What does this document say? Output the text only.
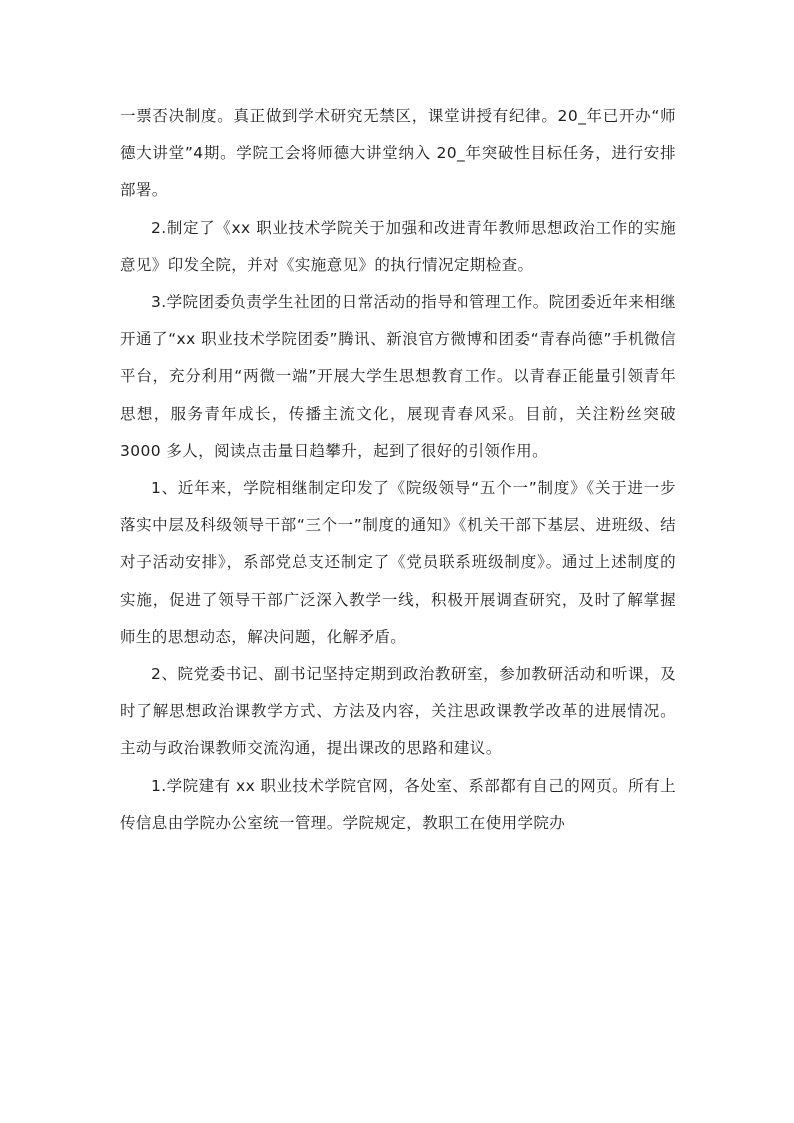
一票否决制度。真正做到学术研究无禁区，课堂讲授有纪律。20_年已开办“师德大讲堂”4期。学院工会将师德大讲堂纳入 20_年突破性目标任务，进行安排部署。

2.制定了《xx 职业技术学院关于加强和改进青年教师思想政治工作的实施意见》印发全院，并对《实施意见》的执行情况定期检查。

3.学院团委负责学生社团的日常活动的指导和管理工作。院团委近年来相继开通了“xx 职业技术学院团委”腾讯、新浪官方微博和团委“青春尚德”手机微信平台，充分利用“两微一端”开展大学生思想教育工作。以青春正能量引领青年思想，服务青年成长，传播主流文化，展现青春风采。目前，关注粉丝突破 3000 多人，阅读点击量日趋攀升，起到了很好的引领作用。

1、近年来，学院相继制定印发了《院级领导“五个一”制度》《关于进一步落实中层及科级领导干部“三个一”制度的通知》《机关干部下基层、进班级、结对子活动安排》，系部党总支还制定了《党员联系班级制度》。通过上述制度的实施，促进了领导干部广泛深入教学一线，积极开展调查研究，及时了解掌握师生的思想动态，解决问题，化解矛盾。

2、院党委书记、副书记坚持定期到政治教研室，参加教研活动和听课，及时了解思想政治课教学方式、方法及内容，关注思政课教学改革的进展情况。主动与政治课教师交流沟通，提出课改的思路和建议。

1.学院建有 xx 职业技术学院官网，各处室、系部都有自己的网页。所有上传信息由学院办公室统一管理。学院规定，教职工在使用学院办
